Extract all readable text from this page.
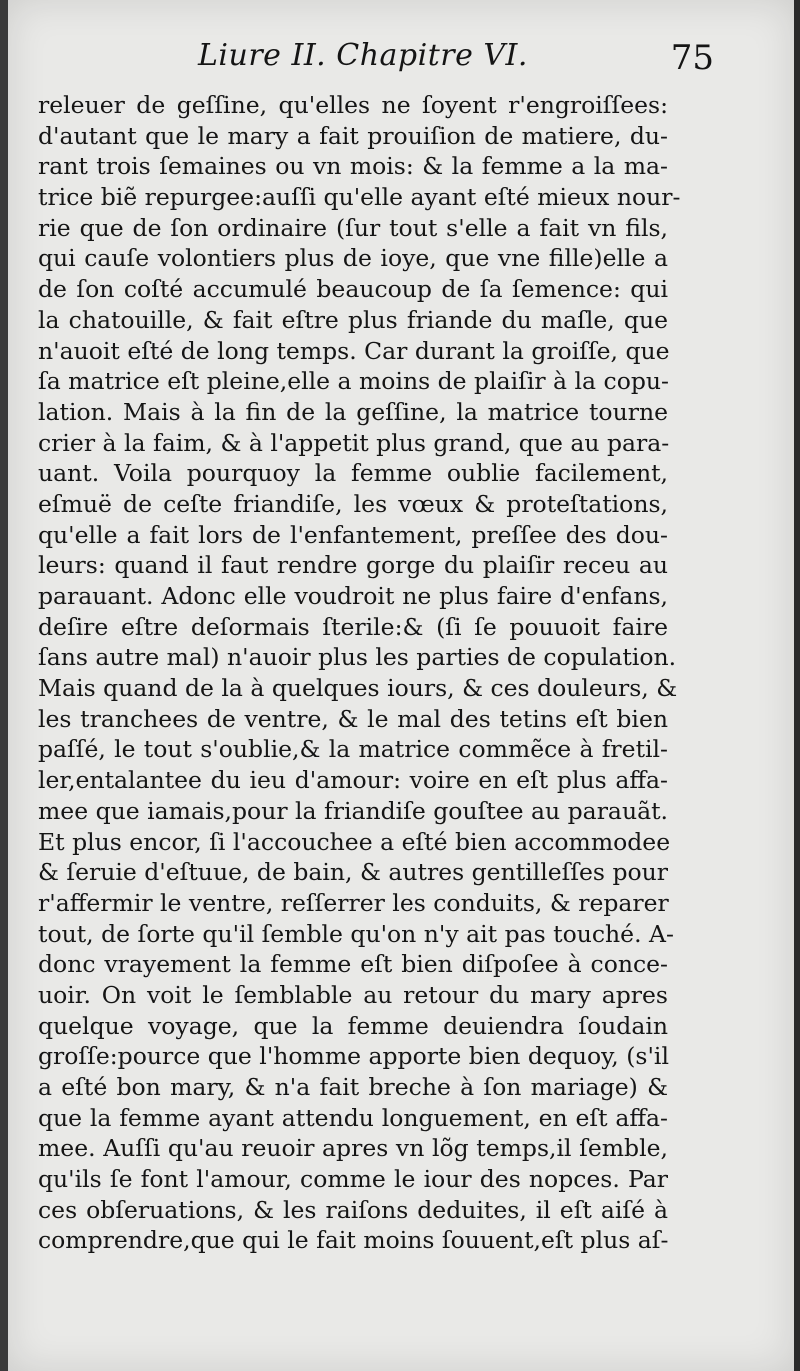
Liure II. Chapitre VI.	75
releuer de geſſine, qu'elles ne ſoyent r'engroiſſees:
d'autant que le mary a fait prouiſion de matiere, du-
rant trois ſemaines ou vn mois: & la femme a la ma-
trice biẽ repurgee:auſſi qu'elle ayant eſté mieux nour-
rie que de ſon ordinaire (ſur tout s'elle a fait vn fils,
qui cauſe volontiers plus de ioye, que vne fille)elle a
de ſon coſté accumulé beaucoup de ſa ſemence: qui
la chatouille, & fait eſtre plus friande du maſle, que
n'auoit eſté de long temps. Car durant la groiſſe, que
ſa matrice eſt pleine,elle a moins de plaiſir à la copu-
lation. Mais à la fin de la geſſine, la matrice tourne
crier à la faim, & à l'appetit plus grand, que au para-
uant. Voila pourquoy la femme oublie facilement,
eſmuë de ceſte friandiſe, les vœux & proteſtations,
qu'elle a fait lors de l'enfantement, preſſee des dou-
leurs: quand il faut rendre gorge du plaiſir receu au
parauant. Adonc elle voudroit ne plus faire d'enfans,
deſire eſtre deſormais ſterile:& (ſi ſe pouuoit faire
ſans autre mal) n'auoir plus les parties de copulation.
Mais quand de la à quelques iours, & ces douleurs, &
les tranchees de ventre, & le mal des tetins eſt bien
paſſé, le tout s'oublie,& la matrice commẽce à fretil-
ler,entalantee du ieu d'amour: voire en eſt plus affa-
mee que iamais,pour la friandiſe gouſtee au parauãt.
Et plus encor, ſi l'accouchee a eſté bien accommodee
& ſeruie d'eſtuue, de bain, & autres gentilleſſes pour
r'affermir le ventre, reſſerrer les conduits, & reparer
tout, de ſorte qu'il ſemble qu'on n'y ait pas touché. A-
donc vrayement la femme eſt bien diſpoſee à conce-
uoir. On voit le ſemblable au retour du mary apres
quelque voyage, que la femme deuiendra ſoudain
groſſe:pource que l'homme apporte bien dequoy, (s'il
a eſté bon mary, & n'a fait breche à ſon mariage) &
que la femme ayant attendu longuement, en eſt affa-
mee. Auſſi qu'au reuoir apres vn lõg temps,il ſemble,
qu'ils ſe font l'amour, comme le iour des nopces. Par
ces obſeruations, & les raiſons deduites, il eſt aiſé à
comprendre,que qui le fait moins ſouuent,eſt plus aſ-
